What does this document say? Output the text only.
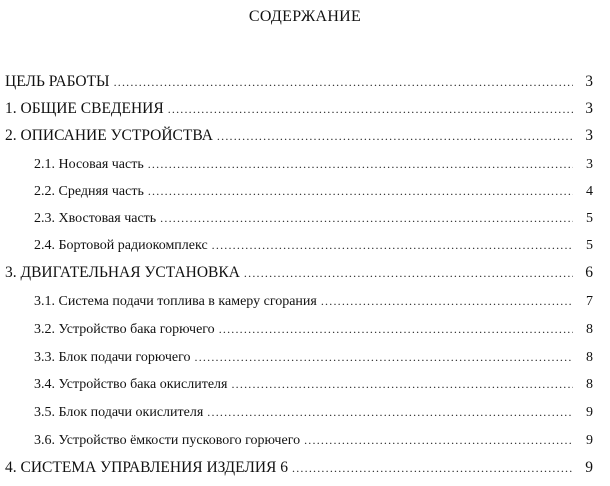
СОДЕРЖАНИЕ
ЦЕЛЬ РАБОТЫ .....	3
1. ОБЩИЕ СВЕДЕНИЯ .....	3
2. ОПИСАНИЕ УСТРОЙСТВА .....	3
2.1. Носовая часть .....	3
2.2. Средняя часть .....	4
2.3. Хвостовая часть .....	5
2.4. Бортовой радиокомплекс .....	5
3. ДВИГАТЕЛЬНАЯ УСТАНОВКА .....	6
3.1. Система подачи топлива в камеру сгорания .....	7
3.2. Устройство бака горючего .....	8
3.3. Блок подачи горючего .....	8
3.4. Устройство бака окислителя .....	8
3.5. Блок подачи окислителя .....	9
3.6. Устройство ёмкости пускового горючего .....	9
4. СИСТЕМА УПРАВЛЕНИЯ ИЗДЕЛИЯ 6 .....	9
